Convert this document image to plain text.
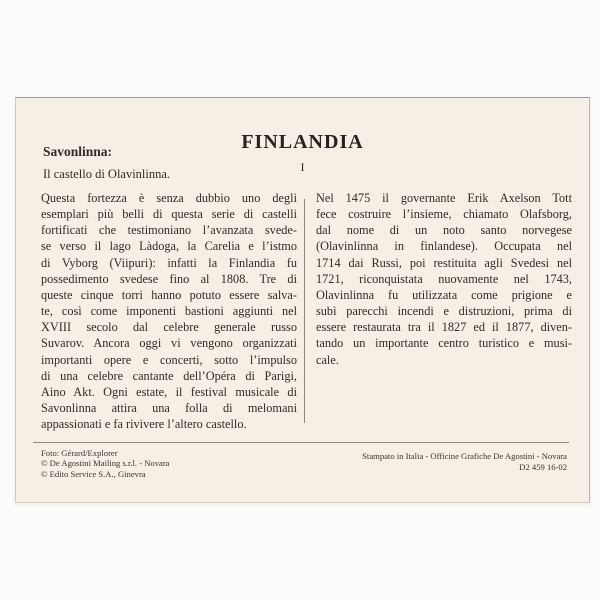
FINLANDIA
I
Savonlinna:
Il castello di Olavinlinna.
Questa fortezza è senza dubbio uno degli
esemplari più belli di questa serie di castelli
fortificati che testimoniano l’avanzata svede-
se verso il lago Làdoga, la Carelia e l’istmo
di Vyborg (Viipuri): infatti la Finlandia fu
possedimento svedese fino al 1808. Tre di
queste cinque torri hanno potuto essere salva-
te, così come imponenti bastioni aggiunti nel
XVIII secolo dal celebre generale russo
Suvarov. Ancora oggi vi vengono organizzati
importanti opere e concerti, sotto l’impulso
di una celebre cantante dell’Opéra di Parigi,
Aino Akt. Ogni estate, il festival musicale di
Savonlinna attira una folla di melomani
appassionati e fa rivivere l’altero castello.
Nel 1475 il governante Erik Axelson Tott
fece costruire l’insieme, chiamato Olafsborg,
dal nome di un noto santo norvegese
(Olavinlinna in finlandese). Occupata nel
1714 dai Russi, poi restituita agli Svedesi nel
1721, riconquistata nuovamente nel 1743,
Olavinlinna fu utilizzata come prigione e
subì parecchi incendi e distruzioni, prima di
essere restaurata tra il 1827 ed il 1877, diven-
tando un importante centro turistico e musi-
cale.
Foto: Gérard/Explorer
© De Agostini Mailing s.r.l. - Novara
© Edito Service S.A., Ginevra
Stampato in Italia - Officine Grafiche De Agostini - Novara
D2 459 16-02
